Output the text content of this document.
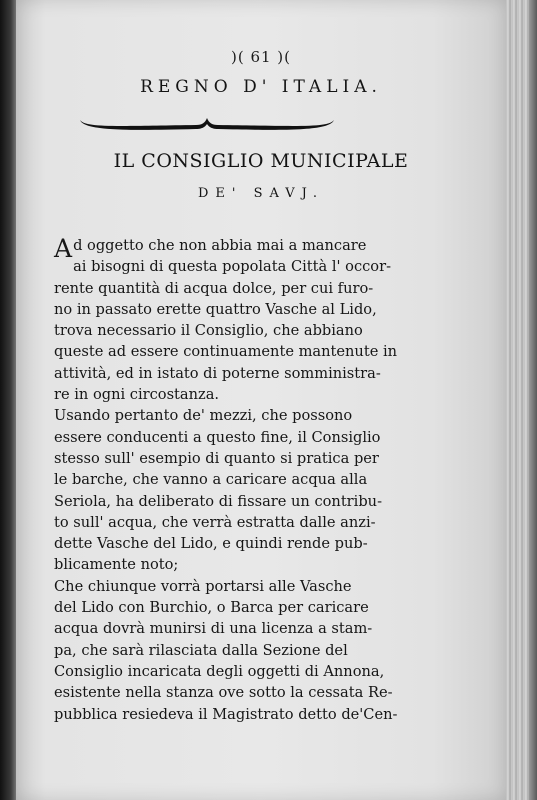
)( 61 )(
REGNO D' ITALIA.
IL CONSIGLIO MUNICIPALE
DE' SAVJ.
A d oggetto che non abbia mai a mancare
ai bisogni di questa popolata Città l' occor-
rente quantità di acqua dolce, per cui furo-
no in passato erette quattro Vasche al Lido,
trova necessario il Consiglio, che abbiano
queste ad essere continuamente mantenute in
attività, ed in istato di poterne somministra-
re in ogni circostanza.
Usando pertanto de' mezzi, che possono
essere conducenti a questo fine, il Consiglio
stesso sull' esempio di quanto si pratica per
le barche, che vanno a caricare acqua alla
Seriola, ha deliberato di fissare un contribu-
to sull' acqua, che verrà estratta dalle anzi-
dette Vasche del Lido, e quindi rende pub-
blicamente noto;
Che chiunque vorrà portarsi alle Vasche
del Lido con Burchio, o Barca per caricare
acqua dovrà munirsi di una licenza a stam-
pa, che sarà rilasciata dalla Sezione del
Consiglio incaricata degli oggetti di Annona,
esistente nella stanza ove sotto la cessata Re-
pubblica resiedeva il Magistrato detto de'Cen-
